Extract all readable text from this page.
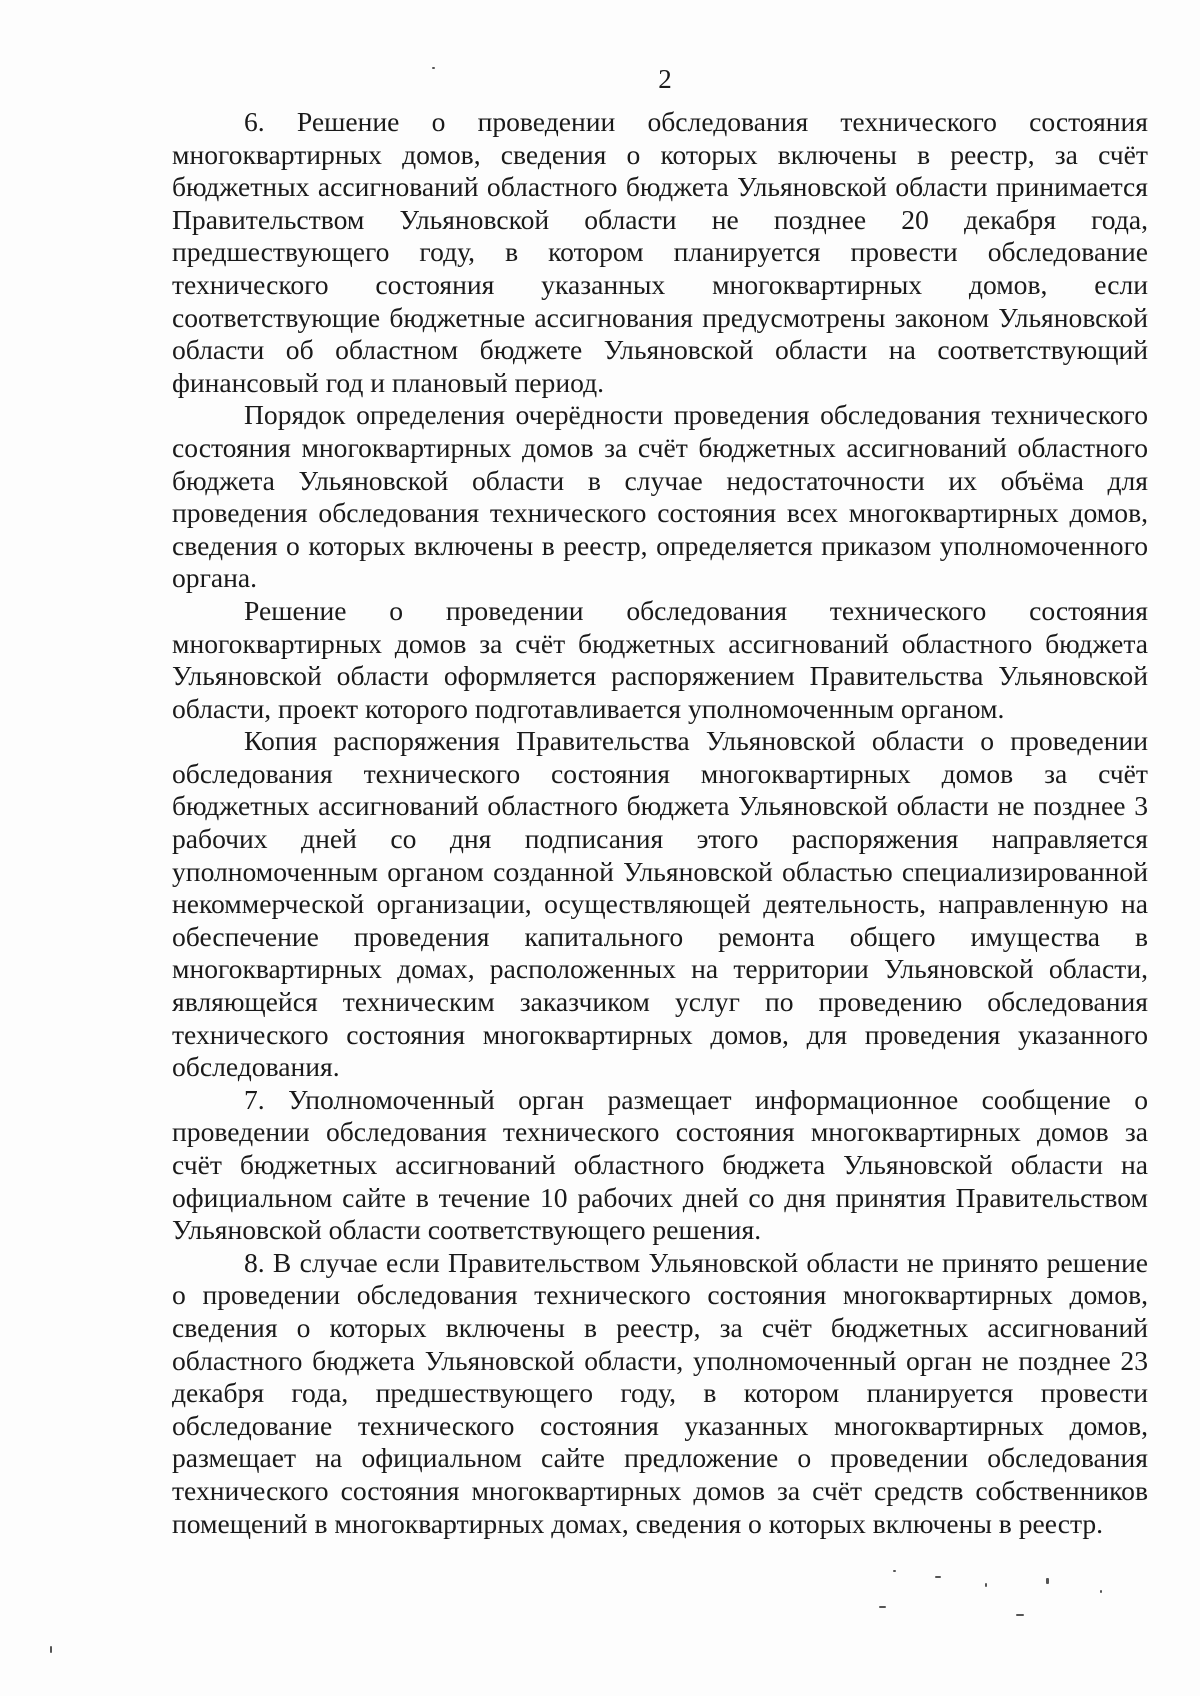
2

6. Решение о проведении обследования технического состояния многоквартирных домов, сведения о которых включены в реестр, за счёт бюджетных ассигнований областного бюджета Ульяновской области принимается Правительством Ульяновской области не позднее 20 декабря года, предшествующего году, в котором планируется провести обследование технического состояния указанных многоквартирных домов, если соответствующие бюджетные ассигнования предусмотрены законом Ульяновской области об областном бюджете Ульяновской области на соответствующий финансовый год и плановый период.

Порядок определения очерёдности проведения обследования технического состояния многоквартирных домов за счёт бюджетных ассигнований областного бюджета Ульяновской области в случае недостаточности их объёма для проведения обследования технического состояния всех многоквартирных домов, сведения о которых включены в реестр, определяется приказом уполномоченного органа.

Решение о проведении обследования технического состояния многоквартирных домов за счёт бюджетных ассигнований областного бюджета Ульяновской области оформляется распоряжением Правительства Ульяновской области, проект которого подготавливается уполномоченным органом.

Копия распоряжения Правительства Ульяновской области о проведении обследования технического состояния многоквартирных домов за счёт бюджетных ассигнований областного бюджета Ульяновской области не позднее 3 рабочих дней со дня подписания этого распоряжения направляется уполномоченным органом созданной Ульяновской областью специализированной некоммерческой организации, осуществляющей деятельность, направленную на обеспечение проведения капитального ремонта общего имущества в многоквартирных домах, расположенных на территории Ульяновской области, являющейся техническим заказчиком услуг по проведению обследования технического состояния многоквартирных домов, для проведения указанного обследования.

7. Уполномоченный орган размещает информационное сообщение о проведении обследования технического состояния многоквартирных домов за счёт бюджетных ассигнований областного бюджета Ульяновской области на официальном сайте в течение 10 рабочих дней со дня принятия Правительством Ульяновской области соответствующего решения.

8. В случае если Правительством Ульяновской области не принято решение о проведении обследования технического состояния многоквартирных домов, сведения о которых включены в реестр, за счёт бюджетных ассигнований областного бюджета Ульяновской области, уполномоченный орган не позднее 23 декабря года, предшествующего году, в котором планируется провести обследование технического состояния указанных многоквартирных домов, размещает на официальном сайте предложение о проведении обследования технического состояния многоквартирных домов за счёт средств собственников помещений в многоквартирных домах, сведения о которых включены в реестр.
